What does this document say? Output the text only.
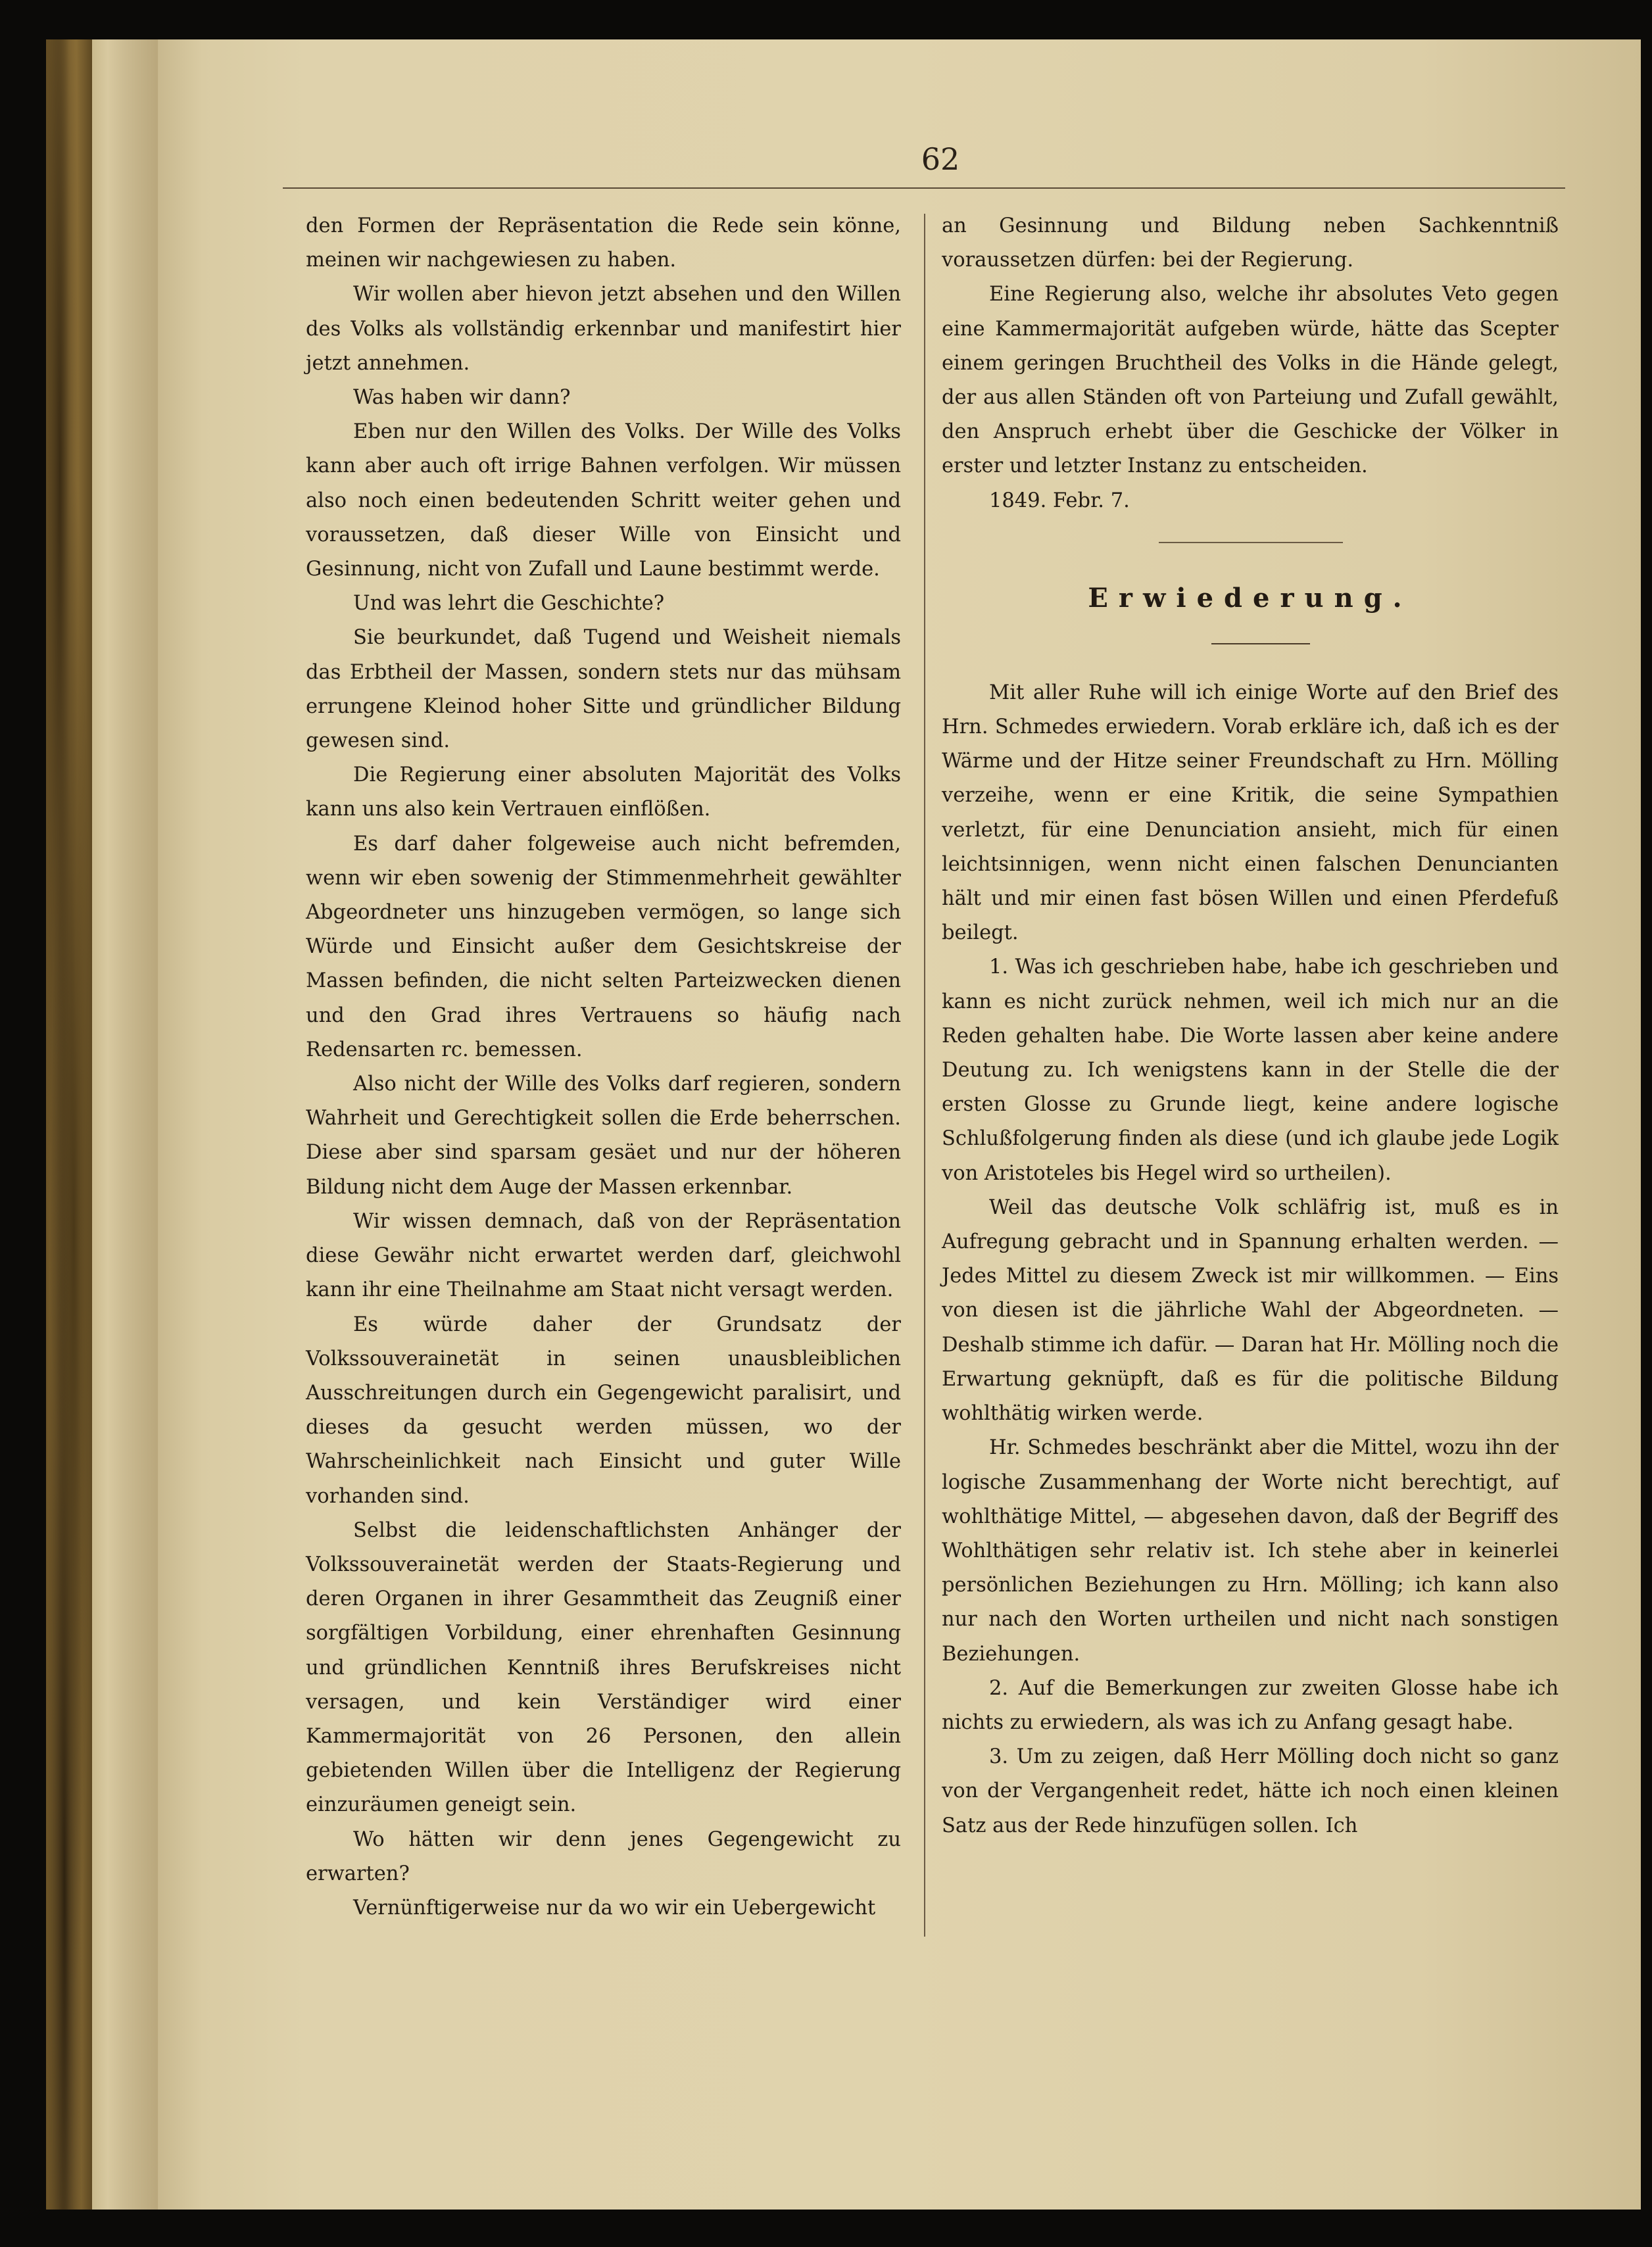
62

den Formen der Repräsentation die Rede sein könne, meinen wir nachgewiesen zu haben.

Wir wollen aber hievon jetzt absehen und den Willen des Volks als vollständig erkennbar und manifestirt hier jetzt annehmen.

Was haben wir dann?

Eben nur den Willen des Volks. Der Wille des Volks kann aber auch oft irrige Bahnen verfolgen. Wir müssen also noch einen bedeutenden Schritt weiter gehen und voraussetzen, daß dieser Wille von Einsicht und Gesinnung, nicht von Zufall und Laune bestimmt werde.

Und was lehrt die Geschichte?

Sie beurkundet, daß Tugend und Weisheit niemals das Erbtheil der Massen, sondern stets nur das mühsam errungene Kleinod hoher Sitte und gründlicher Bildung gewesen sind.

Die Regierung einer absoluten Majorität des Volks kann uns also kein Vertrauen einflößen.

Es darf daher folgeweise auch nicht befremden, wenn wir eben sowenig der Stimmenmehrheit gewählter Abgeordneter uns hinzugeben vermögen, so lange sich Würde und Einsicht außer dem Gesichtskreise der Massen befinden, die nicht selten Parteizwecken dienen und den Grad ihres Vertrauens so häufig nach Redensarten rc. bemessen.

Also nicht der Wille des Volks darf regieren, sondern Wahrheit und Gerechtigkeit sollen die Erde beherrschen. Diese aber sind sparsam gesäet und nur der höheren Bildung nicht dem Auge der Massen erkennbar.

Wir wissen demnach, daß von der Repräsentation diese Gewähr nicht erwartet werden darf, gleichwohl kann ihr eine Theilnahme am Staat nicht versagt werden.

Es würde daher der Grundsatz der Volkssouverainetät in seinen unausbleiblichen Ausschreitungen durch ein Gegengewicht paralisirt, und dieses da gesucht werden müssen, wo der Wahrscheinlichkeit nach Einsicht und guter Wille vorhanden sind.

Selbst die leidenschaftlichsten Anhänger der Volkssouverainetät werden der Staats-Regierung und deren Organen in ihrer Gesammtheit das Zeugniß einer sorgfältigen Vorbildung, einer ehrenhaften Gesinnung und gründlichen Kenntniß ihres Berufskreises nicht versagen, und kein Verständiger wird einer Kammermajorität von 26 Personen, den allein gebietenden Willen über die Intelligenz der Regierung einzuräumen geneigt sein.

Wo hätten wir denn jenes Gegengewicht zu erwarten?

Vernünftigerweise nur da wo wir ein Uebergewicht

an Gesinnung und Bildung neben Sachkenntniß voraussetzen dürfen: bei der Regierung.

Eine Regierung also, welche ihr absolutes Veto gegen eine Kammermajorität aufgeben würde, hätte das Scepter einem geringen Bruchtheil des Volks in die Hände gelegt, der aus allen Ständen oft von Parteiung und Zufall gewählt, den Anspruch erhebt über die Geschicke der Völker in erster und letzter Instanz zu entscheiden.

1849. Febr. 7.

Erwiederung.

Mit aller Ruhe will ich einige Worte auf den Brief des Hrn. Schmedes erwiedern. Vorab erkläre ich, daß ich es der Wärme und der Hitze seiner Freundschaft zu Hrn. Mölling verzeihe, wenn er eine Kritik, die seine Sympathien verletzt, für eine Denunciation ansieht, mich für einen leichtsinnigen, wenn nicht einen falschen Denuncianten hält und mir einen fast bösen Willen und einen Pferdefuß beilegt.

1. Was ich geschrieben habe, habe ich geschrieben und kann es nicht zurück nehmen, weil ich mich nur an die Reden gehalten habe. Die Worte lassen aber keine andere Deutung zu. Ich wenigstens kann in der Stelle die der ersten Glosse zu Grunde liegt, keine andere logische Schlußfolgerung finden als diese (und ich glaube jede Logik von Aristoteles bis Hegel wird so urtheilen).

Weil das deutsche Volk schläfrig ist, muß es in Aufregung gebracht und in Spannung erhalten werden. — Jedes Mittel zu diesem Zweck ist mir willkommen. — Eins von diesen ist die jährliche Wahl der Abgeordneten. — Deshalb stimme ich dafür. — Daran hat Hr. Mölling noch die Erwartung geknüpft, daß es für die politische Bildung wohlthätig wirken werde.

Hr. Schmedes beschränkt aber die Mittel, wozu ihn der logische Zusammenhang der Worte nicht berechtigt, auf wohlthätige Mittel, — abgesehen davon, daß der Begriff des Wohlthätigen sehr relativ ist. Ich stehe aber in keinerlei persönlichen Beziehungen zu Hrn. Mölling; ich kann also nur nach den Worten urtheilen und nicht nach sonstigen Beziehungen.

2. Auf die Bemerkungen zur zweiten Glosse habe ich nichts zu erwiedern, als was ich zu Anfang gesagt habe.

3. Um zu zeigen, daß Herr Mölling doch nicht so ganz von der Vergangenheit redet, hätte ich noch einen kleinen Satz aus der Rede hinzufügen sollen. Ich
